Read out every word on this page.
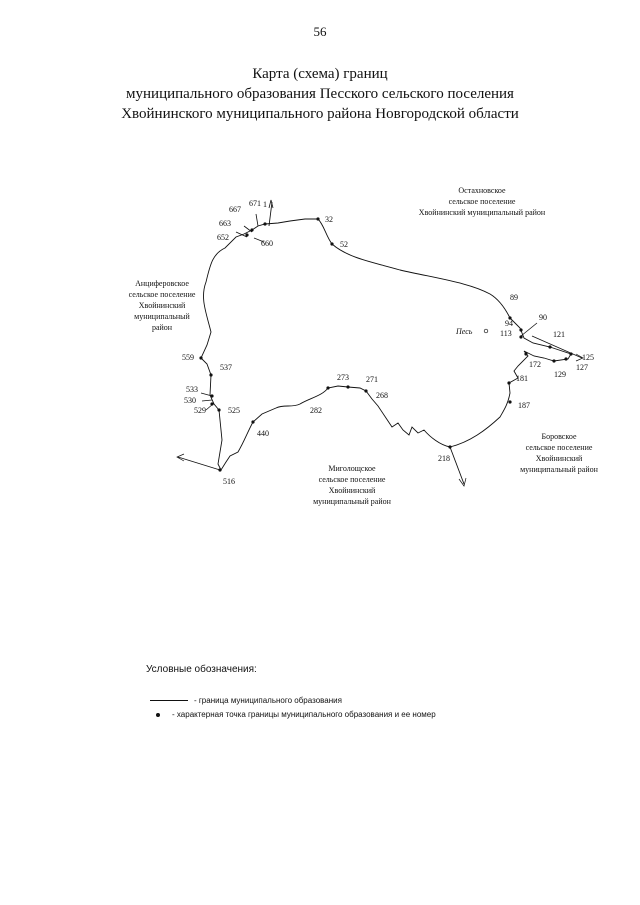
56
Карта (схема) границ
муниципального образования Песского сельского поселения
Хвойнинского муниципального района Новгородской области
Песь
671 1
667
663
652
660
32
52
89
90
94
113	121
125
127
129
172
181
187
218
268
271
273
282
440
516
525
529
530
533
537
559
Остахновское
сельское поселение
Хвойнинский муниципальный район
Анциферовское
сельское поселение
Хвойнинский
муниципальный
район
Миголощское
сельское поселение
Хвойнинский
муниципальный район
Боровское
сельское поселение
Хвойнинский
муниципальный район
Условные обозначения:
- граница муниципального образования
- характерная точка границы муниципального образования и ее номер
